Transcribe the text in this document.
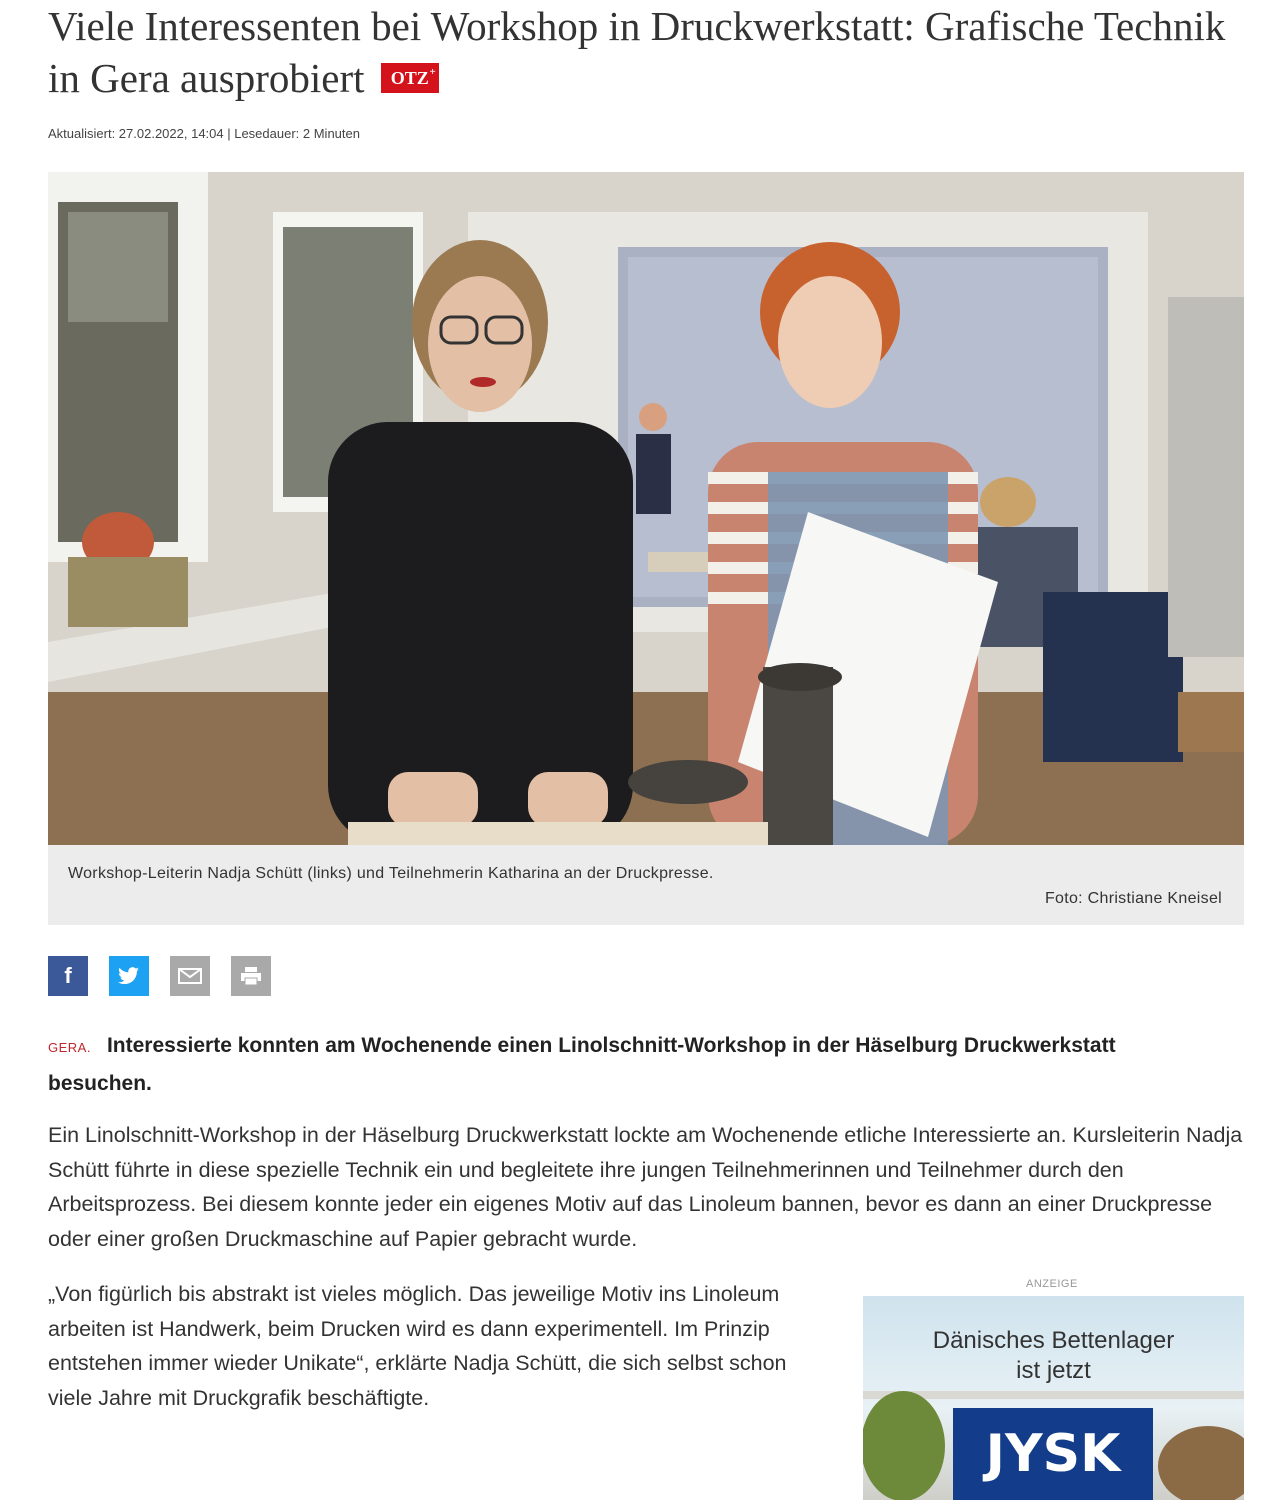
Viele Interessenten bei Workshop in Druckwerkstatt: Grafische Technik in Gera ausprobiert OTZ +
Aktualisiert: 27.02.2022, 14:04 | Lesedauer: 2 Minuten
Workshop-Leiterin Nadja Schütt (links) und Teilnehmerin Katharina an der Druckpresse.
Foto: Christiane Kneisel
f
GERA. Interessierte konnten am Wochenende einen Linolschnitt-Workshop in der Häselburg Druckwerkstatt besuchen.

Ein Linolschnitt-Workshop in der Häselburg Druckwerkstatt lockte am Wochenende etliche Interessierte an. Kursleiterin Nadja Schütt führte in diese spezielle Technik ein und begleitete ihre jungen Teilnehmerinnen und Teilnehmer durch den Arbeitsprozess. Bei diesem konnte jeder ein eigenes Motiv auf das Linoleum bannen, bevor es dann an einer Druckpresse oder einer großen Druckmaschine auf Papier gebracht wurde.

„Von figürlich bis abstrakt ist vieles möglich. Das jeweilige Motiv ins Linoleum arbeiten ist Handwerk, beim Drucken wird es dann experimentell. Im Prinzip entstehen immer wieder Unikate“, erklärte Nadja Schütt, die sich selbst schon viele Jahre mit Druckgrafik beschäftigte.

ANZEIGE
Dänisches Bettenlager ist jetzt
JYSK
